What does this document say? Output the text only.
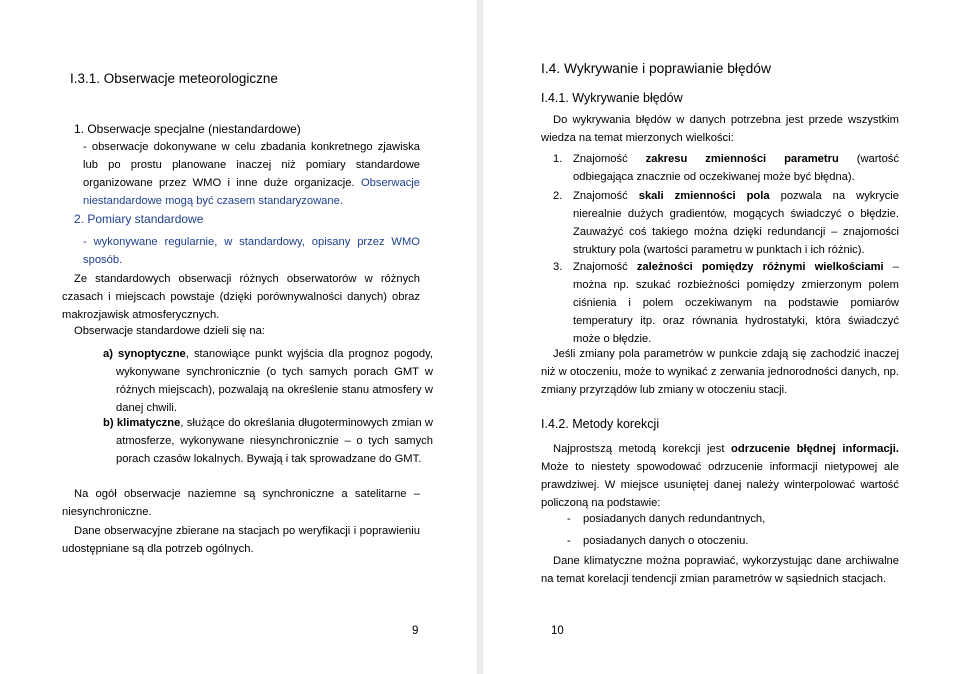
I.3.1. Obserwacje meteorologiczne
1. Obserwacje specjalne (niestandardowe)
- obserwacje dokonywane w celu zbadania konkretnego zjawiska lub po prostu planowane inaczej niż pomiary standardowe organizowane przez WMO i inne duże organizacje. Obserwacje niestandardowe mogą być czasem standaryzowane.
2. Pomiary standardowe
- wykonywane regularnie, w standardowy, opisany przez WMO sposób.
Ze standardowych obserwacji różnych obserwatorów w różnych czasach i miejscach powstaje (dzięki porównywalności danych) obraz makrozjawisk atmosferycznych.
Obserwacje standardowe dzieli się na:
a) synoptyczne, stanowiące punkt wyjścia dla prognoz pogody, wykonywane synchronicznie (o tych samych porach GMT w różnych miejscach), pozwalają na określenie stanu atmosfery w danej chwili.
b) klimatyczne, służące do określania długoterminowych zmian w atmosferze, wykonywane niesynchronicznie – o tych samych porach czasów lokalnych. Bywają i tak sprowadzane do GMT.
Na ogół obserwacje naziemne są synchroniczne a satelitarne – niesynchroniczne.
Dane obserwacyjne zbierane na stacjach po weryfikacji i poprawieniu udostępniane są dla potrzeb ogólnych.
9
I.4. Wykrywanie i poprawianie błędów
I.4.1. Wykrywanie błędów
Do wykrywania błędów w danych potrzebna jest przede wszystkim wiedza na temat mierzonych wielkości:
1. Znajomość zakresu zmienności parametru (wartość odbiegająca znacznie od oczekiwanej może być błędna).
2. Znajomość skali zmienności pola pozwala na wykrycie nierealnie dużych gradientów, mogących świadczyć o błędzie. Zauważyć coś takiego można dzięki redundancji – znajomości struktury pola (wartości parametru w punktach i ich różnic).
3. Znajomość zależności pomiędzy różnymi wielkościami – można np. szukać rozbieżności pomiędzy zmierzonym polem ciśnienia i polem oczekiwanym na podstawie pomiarów temperatury itp. oraz równania hydrostatyki, która świadczyć może o błędzie.
Jeśli zmiany pola parametrów w punkcie zdają się zachodzić inaczej niż w otoczeniu, może to wynikać z zerwania jednorodności danych, np. zmiany przyrządów lub zmiany w otoczeniu stacji.
I.4.2. Metody korekcji
Najprostszą metodą korekcji jest odrzucenie błędnej informacji. Może to niestety spowodować odrzucenie informacji nietypowej ale prawdziwej. W miejsce usuniętej danej należy winterpolować wartość policzoną na podstawie:
- posiadanych danych redundantnych,
- posiadanych danych o otoczeniu.
Dane klimatyczne można poprawiać, wykorzystując dane archiwalne na temat korelacji tendencji zmian parametrów w sąsiednich stacjach.
10
